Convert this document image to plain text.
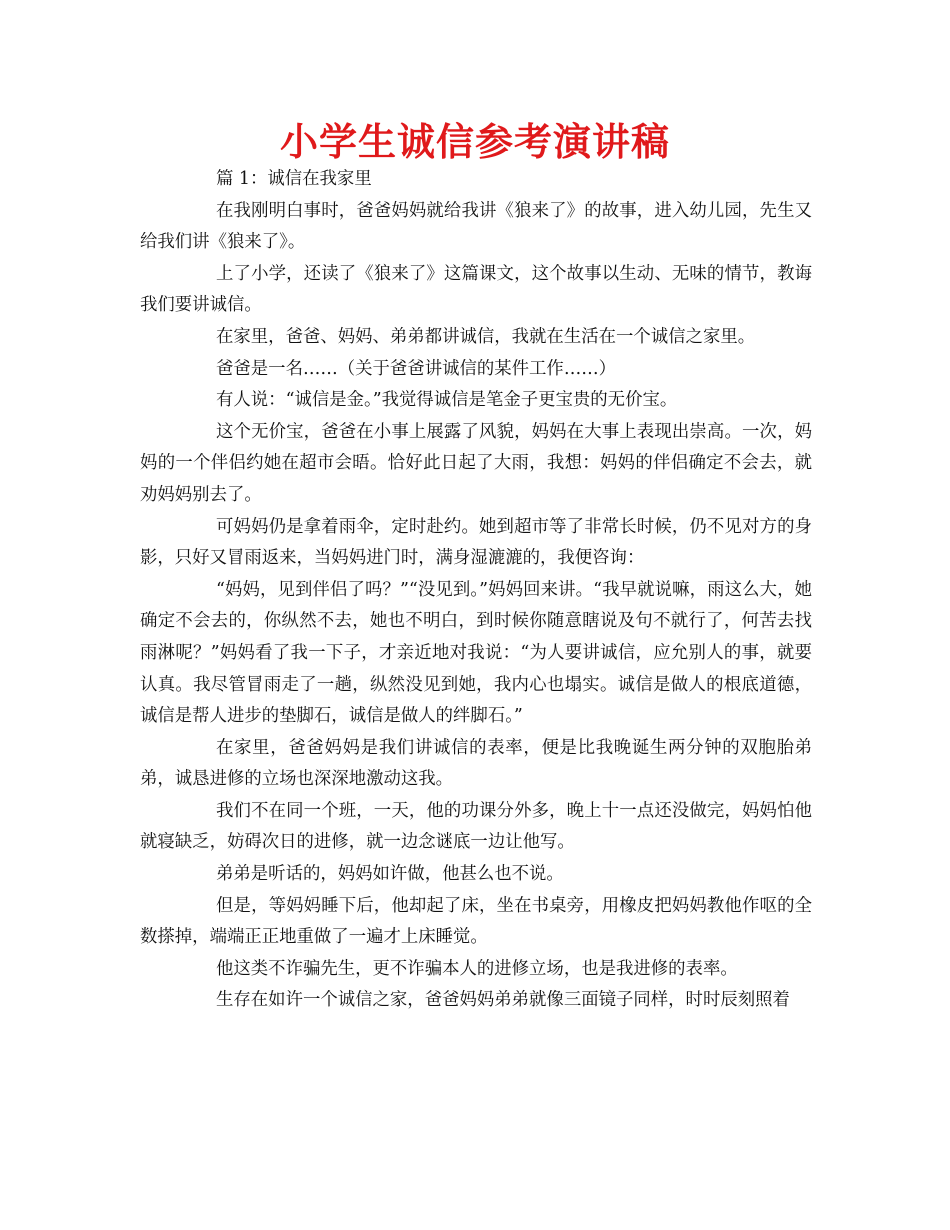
小学生诚信参考演讲稿

篇 1：诚信在我家里

在我刚明白事时，爸爸妈妈就给我讲《狼来了》的故事，进入幼儿园，先生又给我们讲《狼来了》。

上了小学，还读了《狼来了》这篇课文，这个故事以生动、无味的情节，教诲我们要讲诚信。

在家里，爸爸、妈妈、弟弟都讲诚信，我就在生活在一个诚信之家里。

爸爸是一名……（关于爸爸讲诚信的某件工作……）

有人说：“诚信是金。”我觉得诚信是笔金子更宝贵的无价宝。

这个无价宝，爸爸在小事上展露了风貌，妈妈在大事上表现出崇高。一次，妈妈的一个伴侣约她在超市会晤。恰好此日起了大雨，我想：妈妈的伴侣确定不会去，就劝妈妈别去了。

可妈妈仍是拿着雨伞，定时赴约。她到超市等了非常长时候，仍不见对方的身影，只好又冒雨返来，当妈妈进门时，满身湿漉漉的，我便咨询：

“妈妈，见到伴侣了吗？”“没见到。”妈妈回来讲。“我早就说嘛，雨这么大，她确定不会去的，你纵然不去，她也不明白，到时候你随意瞎说及句不就行了，何苦去找雨淋呢？”妈妈看了我一下子，才亲近地对我说：“为人要讲诚信，应允别人的事，就要认真。我尽管冒雨走了一趟，纵然没见到她，我内心也塌实。诚信是做人的根底道德，诚信是帮人进步的垫脚石，诚信是做人的绊脚石。”

在家里，爸爸妈妈是我们讲诚信的表率，便是比我晚诞生两分钟的双胞胎弟弟，诚恳进修的立场也深深地激动这我。

我们不在同一个班，一天，他的功课分外多，晚上十一点还没做完，妈妈怕他就寝缺乏，妨碍次日的进修，就一边念谜底一边让他写。

弟弟是听话的，妈妈如许做，他甚么也不说。

但是，等妈妈睡下后，他却起了床，坐在书桌旁，用橡皮把妈妈教他作呕的全数搽掉，端端正正地重做了一遍才上床睡觉。

他这类不诈骗先生，更不诈骗本人的进修立场，也是我进修的表率。

生存在如许一个诚信之家，爸爸妈妈弟弟就像三面镜子同样，时时辰刻照着
